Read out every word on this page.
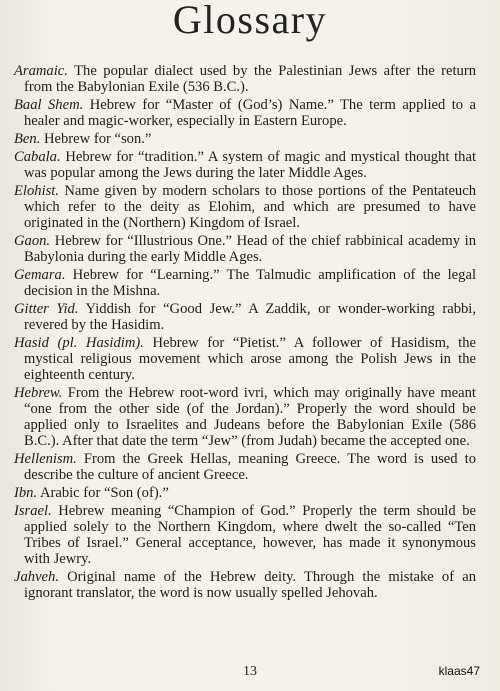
Glossary

Aramaic. The popular dialect used by the Palestinian Jews after the return from the Babylonian Exile (536 B.C.).

Baal Shem. Hebrew for “Master of (God’s) Name.” The term applied to a healer and magic-worker, especially in Eastern Europe.

Ben. Hebrew for “son.”

Cabala. Hebrew for “tradition.” A system of magic and mystical thought that was popular among the Jews during the later Middle Ages.

Elohist. Name given by modern scholars to those portions of the Pentateuch which refer to the deity as Elohim, and which are presumed to have originated in the (Northern) Kingdom of Israel.

Gaon. Hebrew for “Illustrious One.” Head of the chief rabbinical academy in Babylonia during the early Middle Ages.

Gemara. Hebrew for “Learning.” The Talmudic amplification of the legal decision in the Mishna.

Gitter Yid. Yiddish for “Good Jew.” A Zaddik, or wonder-working rabbi, revered by the Hasidim.

Hasid (pl. Hasidim). Hebrew for “Pietist.” A follower of Hasidism, the mystical religious movement which arose among the Polish Jews in the eighteenth century.

Hebrew. From the Hebrew root-word ivri, which may originally have meant “one from the other side (of the Jordan).” Properly the word should be applied only to Israelites and Judeans before the Babylonian Exile (586 B.C.). After that date the term “Jew” (from Judah) became the accepted one.

Hellenism. From the Greek Hellas, meaning Greece. The word is used to describe the culture of ancient Greece.

Ibn. Arabic for “Son (of).”

Israel. Hebrew meaning “Champion of God.” Properly the term should be applied solely to the Northern Kingdom, where dwelt the so-called “Ten Tribes of Israel.” General acceptance, however, has made it synonymous with Jewry.

Jahveh. Original name of the Hebrew deity. Through the mistake of an ignorant translator, the word is now usually spelled Jehovah.

13	klaas47
